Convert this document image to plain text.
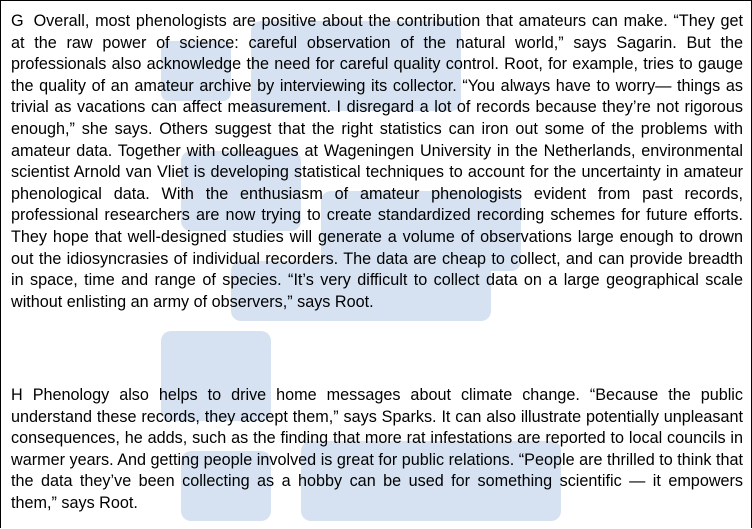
G Overall, most phenologists are positive about the contribution that amateurs can make. “They get at the raw power of science: careful observation of the natural world,” says Sagarin. But the professionals also acknowledge the need for careful quality control. Root, for example, tries to gauge the quality of an amateur archive by interviewing its collector. “You always have to worry— things as trivial as vacations can affect measurement. I disregard a lot of records because they’re not rigorous enough,” she says. Others suggest that the right statistics can iron out some of the problems with amateur data. Together with colleagues at Wageningen University in the Netherlands, environmental scientist Arnold van Vliet is developing statistical techniques to account for the uncertainty in amateur phenological data. With the enthusiasm of amateur phenologists evident from past records, professional researchers are now trying to create standardized recording schemes for future efforts. They hope that well-designed studies will generate a volume of observations large enough to drown out the idiosyncrasies of individual recorders. The data are cheap to collect, and can provide breadth in space, time and range of species. “It’s very difficult to collect data on a large geographical scale without enlisting an army of observers,” says Root.

H Phenology also helps to drive home messages about climate change. “Because the public understand these records, they accept them,” says Sparks. It can also illustrate potentially unpleasant consequences, he adds, such as the finding that more rat infestations are reported to local councils in warmer years. And getting people involved is great for public relations. “People are thrilled to think that the data they’ve been collecting as a hobby can be used for something scientific — it empowers them,” says Root.
